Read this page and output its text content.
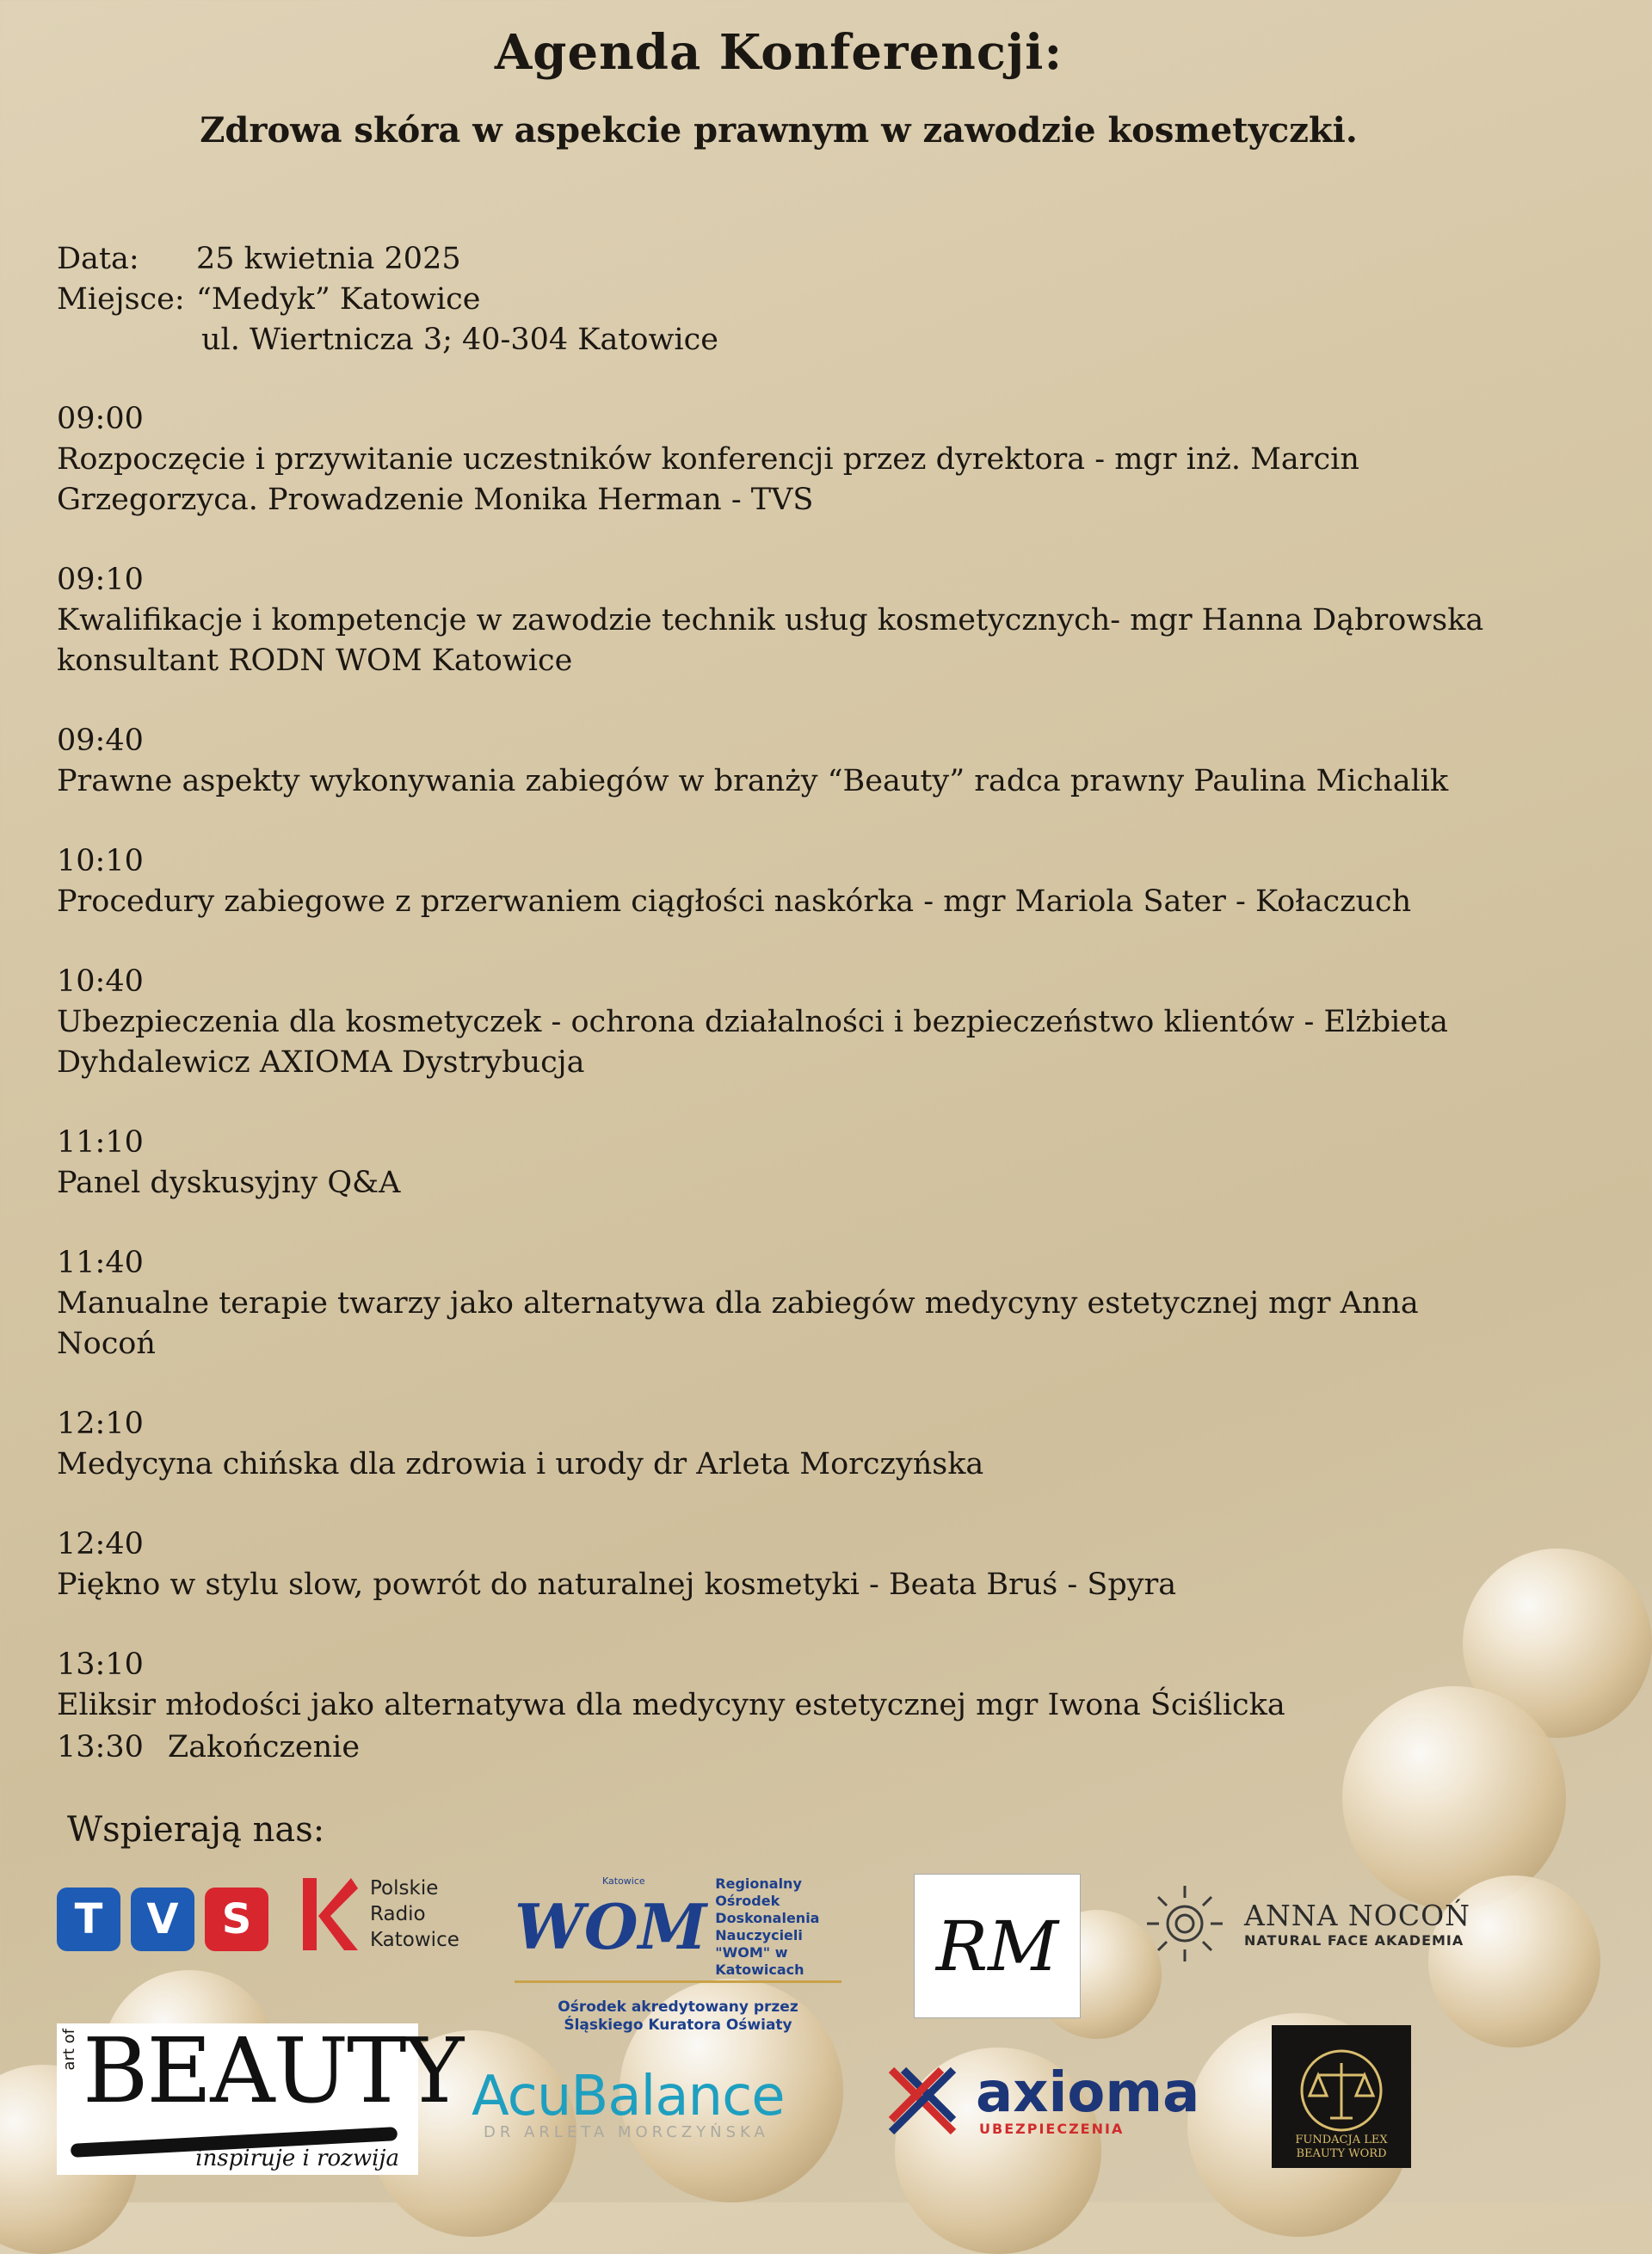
Agenda Konferencji:
Zdrowa skóra w aspekcie prawnym w zawodzie kosmetyczki.
Data:	25 kwietnia 2025
Miejsce: “Medyk” Katowice
ul. Wiertnicza 3; 40-304 Katowice
09:00
Rozpoczęcie i przywitanie uczestników konferencji przez dyrektora - mgr inż. Marcin
Grzegorzyca. Prowadzenie Monika Herman - TVS
09:10
Kwalifikacje i kompetencje w zawodzie technik usług kosmetycznych- mgr Hanna Dąbrowska
konsultant RODN WOM Katowice
09:40
Prawne aspekty wykonywania zabiegów w branży “Beauty” radca prawny Paulina Michalik
10:10
Procedury zabiegowe z przerwaniem ciągłości naskórka - mgr Mariola Sater - Kołaczuch
10:40
Ubezpieczenia dla kosmetyczek - ochrona działalności i bezpieczeństwo klientów - Elżbieta
Dyhdalewicz AXIOMA Dystrybucja
11:10
Panel dyskusyjny Q&A
11:40
Manualne terapie twarzy jako alternatywa dla zabiegów medycyny estetycznej mgr Anna Nocoń
12:10
Medycyna chińska dla zdrowia i urody dr Arleta Morczyńska
12:40
Piękno w stylu slow, powrót do naturalnej kosmetyki - Beata Bruś - Spyra
13:10
Eliksir młodości jako alternatywa dla medycyny estetycznej mgr Iwona Ściślicka
13:30 Zakończenie
Wspierają nas:
T	V	S
Polskie
Radio
Katowice
Katowice
WOM
Regionalny Ośrodek
Doskonalenia Nauczycieli
"WOM" w Katowicach
Ośrodek akredytowany przez
Śląskiego Kuratora Oświaty
RM	ANNA NOCOŃ
NATURAL FACE AKADEMIA
art of BEAUTY
inspiruje i rozwija
AcuBalance
DR ARLETA MORCZYŃSKA
axioma
UBEZPIECZENIA
FUNDACJA LEX
BEAUTY WORD
